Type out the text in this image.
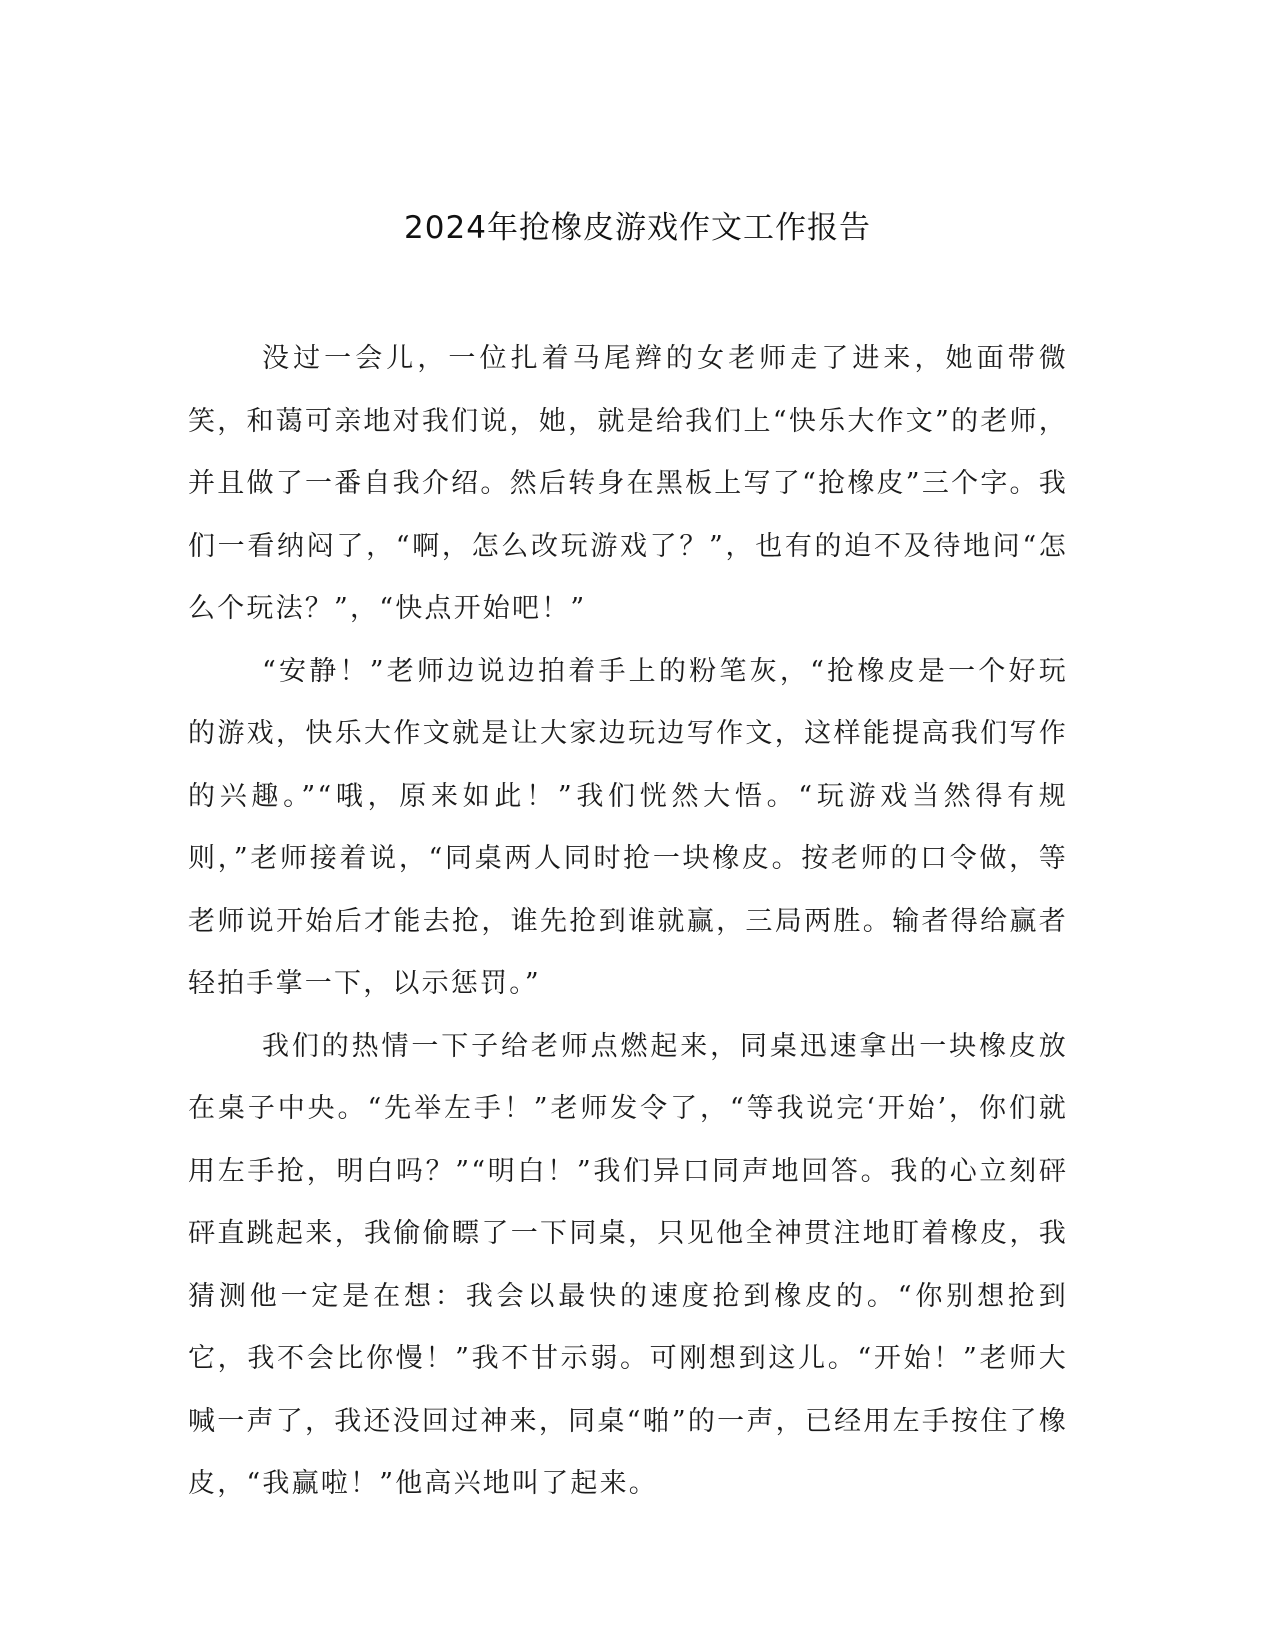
2024年抢橡皮游戏作文工作报告

没过一会儿，一位扎着马尾辫的女老师走了进来，她面带微笑，和蔼可亲地对我们说，她，就是给我们上“快乐大作文”的老师，并且做了一番自我介绍。然后转身在黑板上写了“抢橡皮”三个字。我们一看纳闷了，“啊，怎么改玩游戏了？”，也有的迫不及待地问“怎么个玩法？”，“快点开始吧！”

“安静！”老师边说边拍着手上的粉笔灰，“抢橡皮是一个好玩的游戏，快乐大作文就是让大家边玩边写作文，这样能提高我们写作的兴趣。”“哦，原来如此！”我们恍然大悟。“玩游戏当然得有规则，”老师接着说，“同桌两人同时抢一块橡皮。按老师的口令做，等老师说开始后才能去抢，谁先抢到谁就赢，三局两胜。输者得给赢者轻拍手掌一下，以示惩罚。”

我们的热情一下子给老师点燃起来，同桌迅速拿出一块橡皮放在桌子中央。“先举左手！”老师发令了，“等我说完‘开始’，你们就用左手抢，明白吗？”“明白！”我们异口同声地回答。我的心立刻砰砰直跳起来，我偷偷瞟了一下同桌，只见他全神贯注地盯着橡皮，我猜测他一定是在想：我会以最快的速度抢到橡皮的。“你别想抢到它，我不会比你慢！”我不甘示弱。可刚想到这儿。“开始！”老师大喊一声了，我还没回过神来，同桌“啪”的一声，已经用左手按住了橡皮，“我赢啦！”他高兴地叫了起来。
